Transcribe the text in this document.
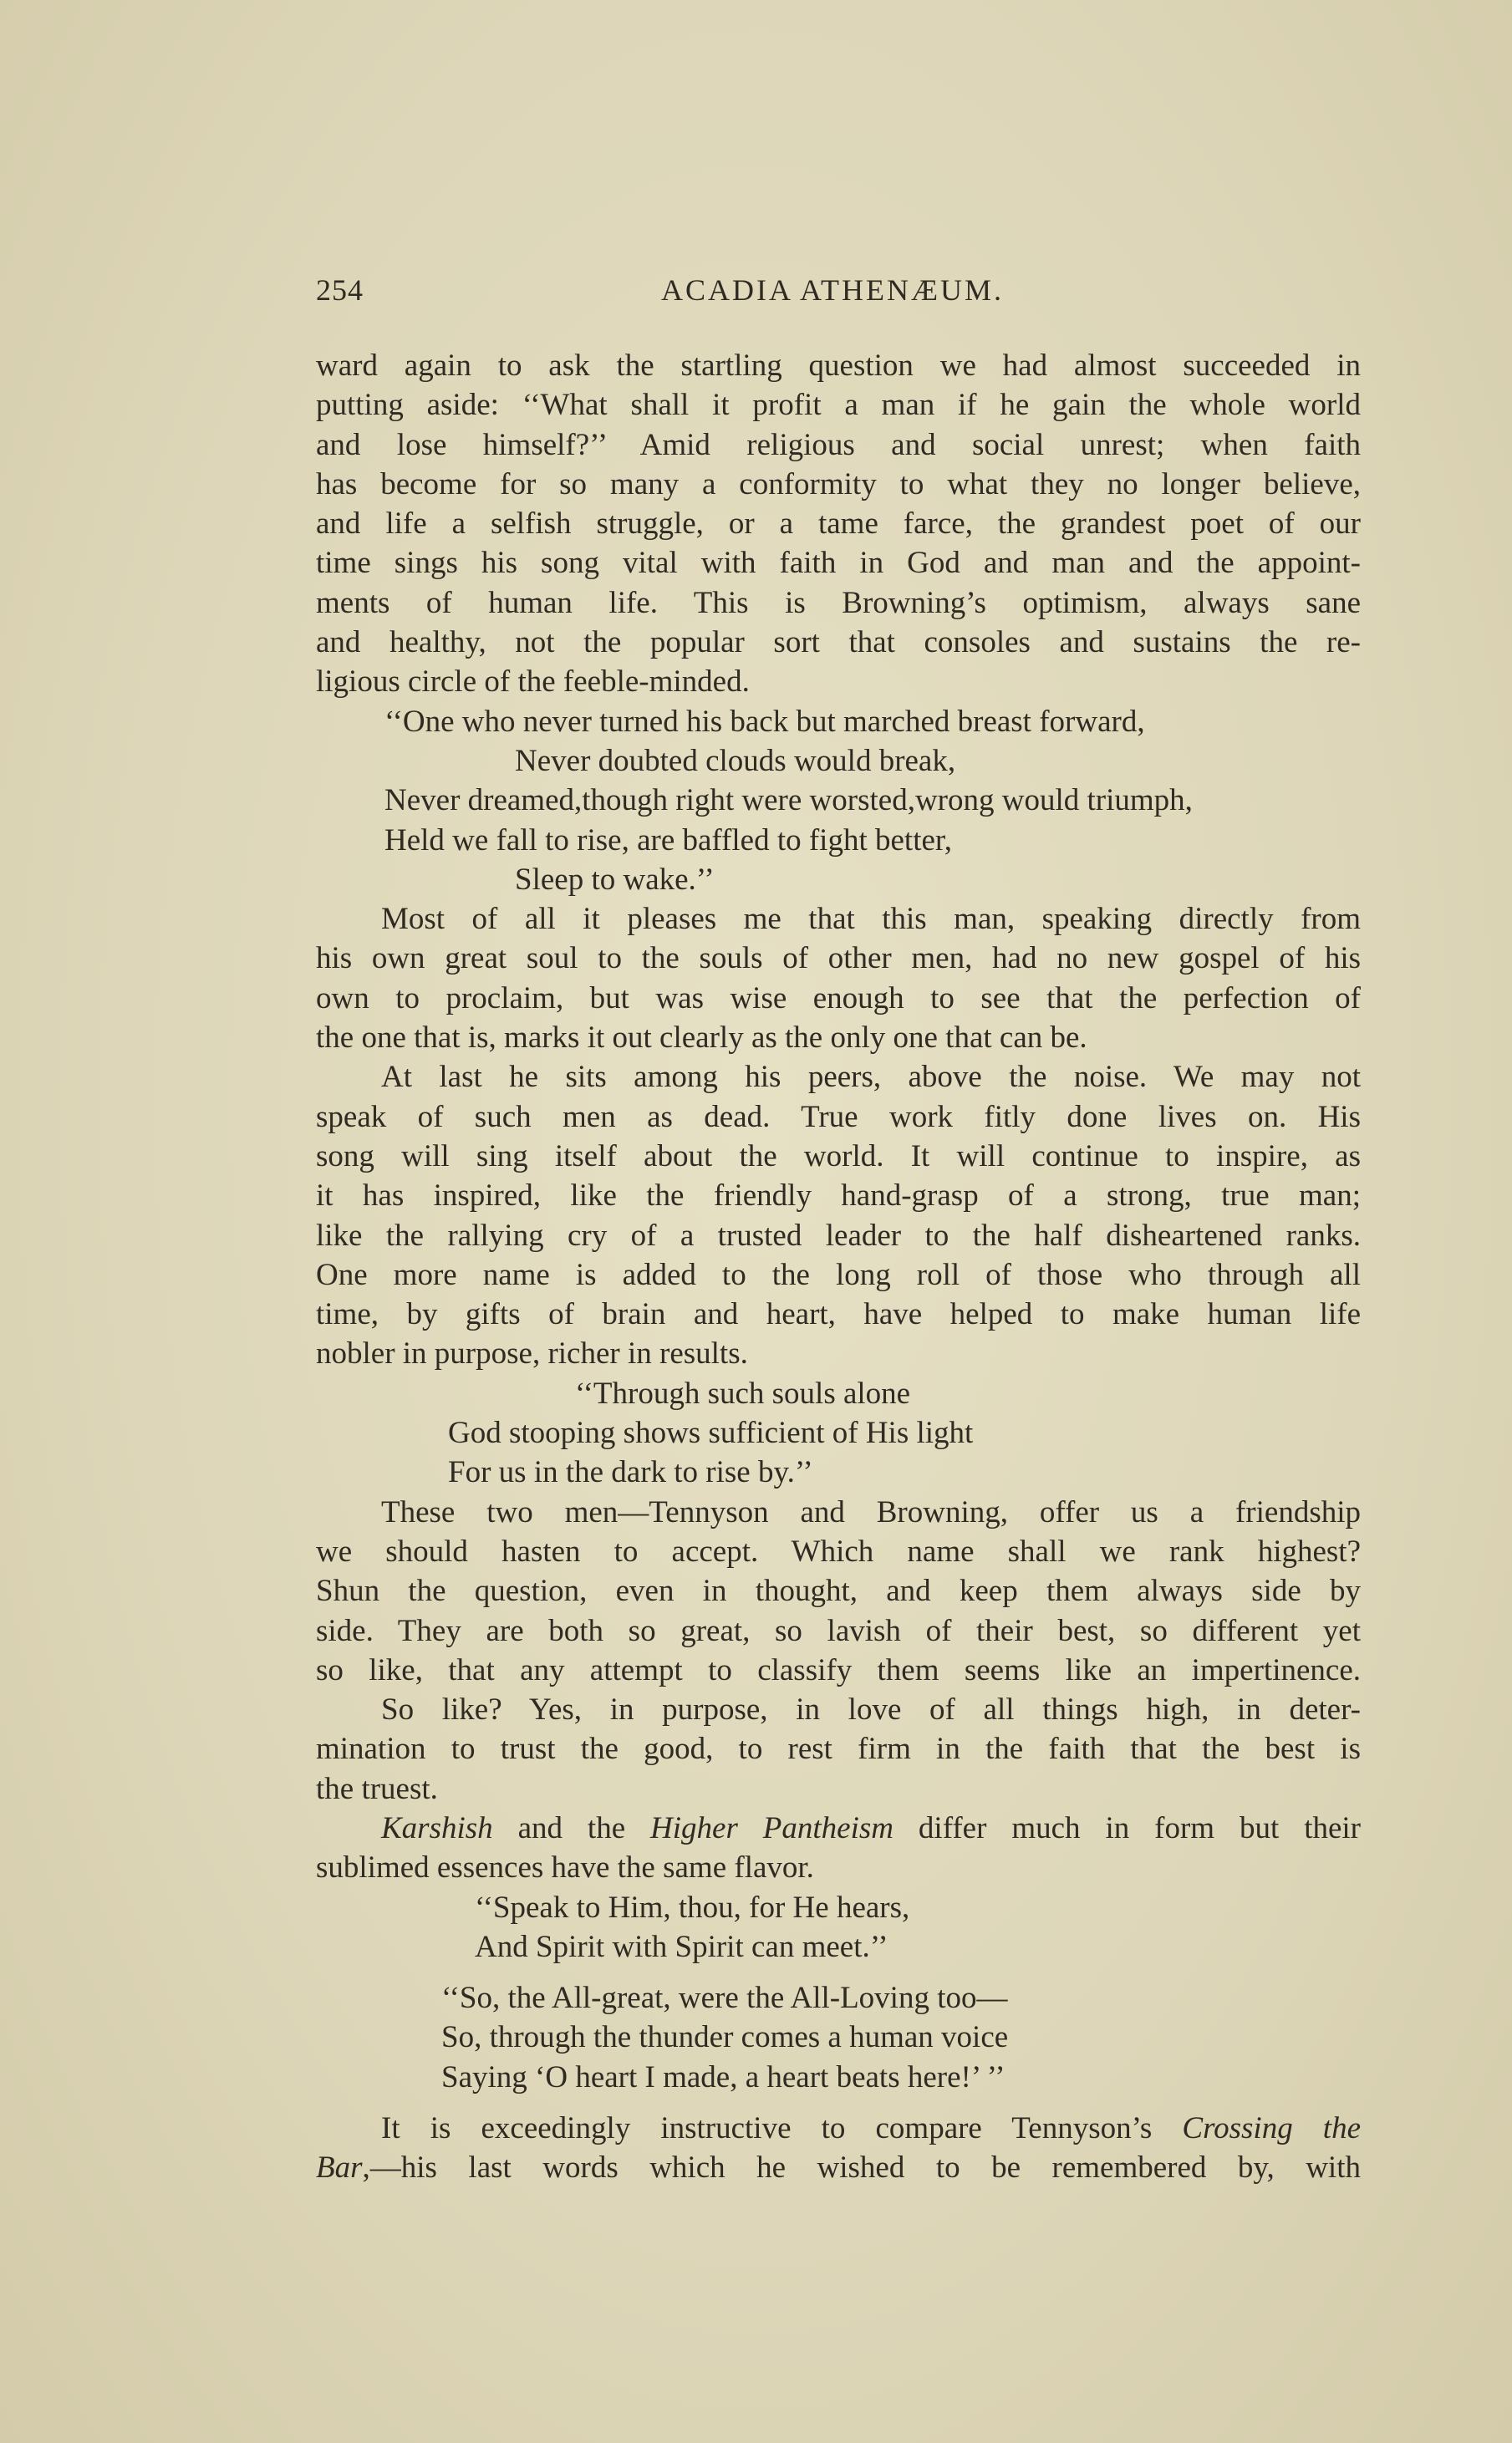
254	ACADIA ATHENÆUM.
ward again to ask the startling question we had almost succeeded in
putting aside: ‘‘What shall it profit a man if he gain the whole world
and lose himself?’’ Amid religious and social unrest; when faith
has become for so many a conformity to what they no longer believe,
and life a selfish struggle, or a tame farce, the grandest poet of our
time sings his song vital with faith in God and man and the appoint-
ments of human life. This is Browning’s optimism, always sane
and healthy, not the popular sort that consoles and sustains the re-
ligious circle of the feeble-minded.
‘‘One who never turned his back but marched breast forward,
Never doubted clouds would break,
Never dreamed,though right were worsted,wrong would triumph,
Held we fall to rise, are baffled to fight better,
Sleep to wake.’’
Most of all it pleases me that this man, speaking directly from
his own great soul to the souls of other men, had no new gospel of his
own to proclaim, but was wise enough to see that the perfection of
the one that is, marks it out clearly as the only one that can be.
At last he sits among his peers, above the noise. We may not
speak of such men as dead. True work fitly done lives on. His
song will sing itself about the world. It will continue to inspire, as
it has inspired, like the friendly hand-grasp of a strong, true man;
like the rallying cry of a trusted leader to the half disheartened ranks.
One more name is added to the long roll of those who through all
time, by gifts of brain and heart, have helped to make human life
nobler in purpose, richer in results.
‘‘Through such souls alone
God stooping shows sufficient of His light
For us in the dark to rise by.’’
These two men—Tennyson and Browning, offer us a friendship
we should hasten to accept. Which name shall we rank highest?
Shun the question, even in thought, and keep them always side by
side. They are both so great, so lavish of their best, so different yet
so like, that any attempt to classify them seems like an impertinence.
So like? Yes, in purpose, in love of all things high, in deter-
mination to trust the good, to rest firm in the faith that the best is
the truest.
Karshish and the Higher Pantheism differ much in form but their
sublimed essences have the same flavor.
‘‘Speak to Him, thou, for He hears,
And Spirit with Spirit can meet.’’
‘‘So, the All-great, were the All-Loving too—
So, through the thunder comes a human voice
Saying ‘O heart I made, a heart beats here!’ ’’
It is exceedingly instructive to compare Tennyson’s Crossing the
Bar,—his last words which he wished to be remembered by, with
